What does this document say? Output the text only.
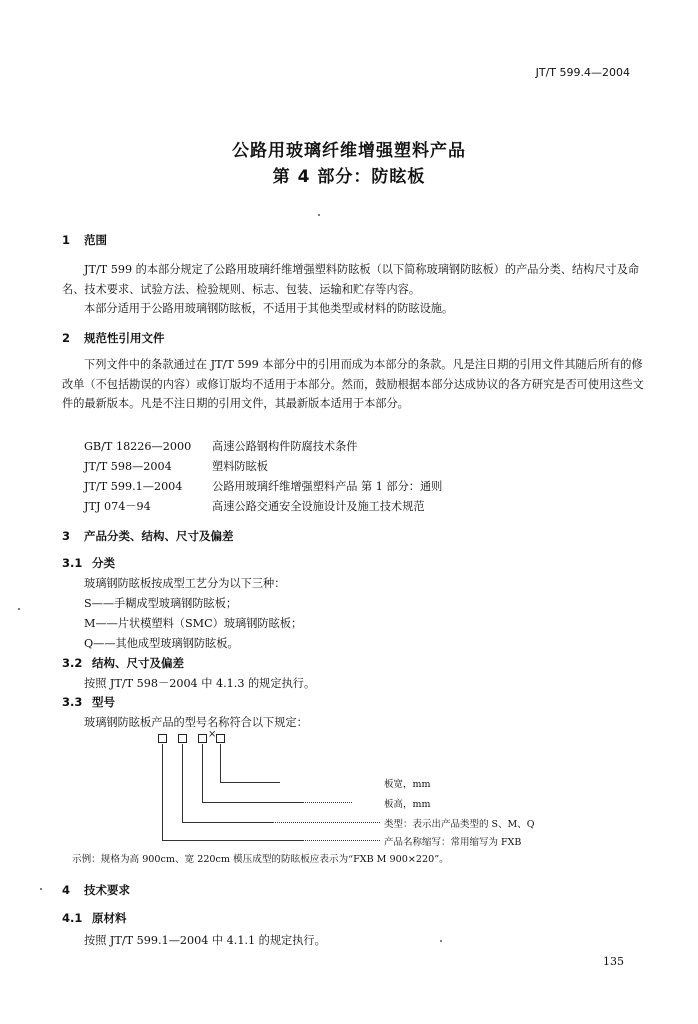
JT/T 599.4—2004
公路用玻璃纤维增强塑料产品
第 4 部分：防眩板
1 范围
JT/T 599 的本部分规定了公路用玻璃纤维增强塑料防眩板（以下简称玻璃钢防眩板）的产品分类、结构尺寸及命名、技术要求、试验方法、检验规则、标志、包装、运输和贮存等内容。
本部分适用于公路用玻璃钢防眩板，不适用于其他类型或材料的防眩设施。
2 规范性引用文件
下列文件中的条款通过在 JT/T 599 本部分中的引用而成为本部分的条款。凡是注日期的引用文件其随后所有的修改单（不包括勘误的内容）或修订版均不适用于本部分。然而，鼓励根据本部分达成协议的各方研究是否可使用这些文件的最新版本。凡是不注日期的引用文件，其最新版本适用于本部分。
GB/T 18226—2000 高速公路钢构件防腐技术条件
JT/T 598—2004	塑料防眩板
JT/T 599.1—2004	公路用玻璃纤维增强塑料产品 第 1 部分：通则
JTJ 074－94	高速公路交通安全设施设计及施工技术规范
3 产品分类、结构、尺寸及偏差
3.1 分类
玻璃钢防眩板按成型工艺分为以下三种：
S——手糊成型玻璃钢防眩板；
M——片状模塑料（SMC）玻璃钢防眩板；
Q——其他成型玻璃钢防眩板。
3.2 结构、尺寸及偏差
按照 JT/T 598－2004 中 4.1.3 的规定执行。
3.3 型号
玻璃钢防眩板产品的型号名称符合以下规定：
×
板宽，mm
板高，mm
类型：表示出产品类型的 S、M、Q
产品名称缩写：常用缩写为 FXB
示例：规格为高 900cm、宽 220cm 模压成型的防眩板应表示为“FXB M 900×220”。
4 技术要求
4.1 原材料
按照 JT/T 599.1—2004 中 4.1.1 的规定执行。
135
